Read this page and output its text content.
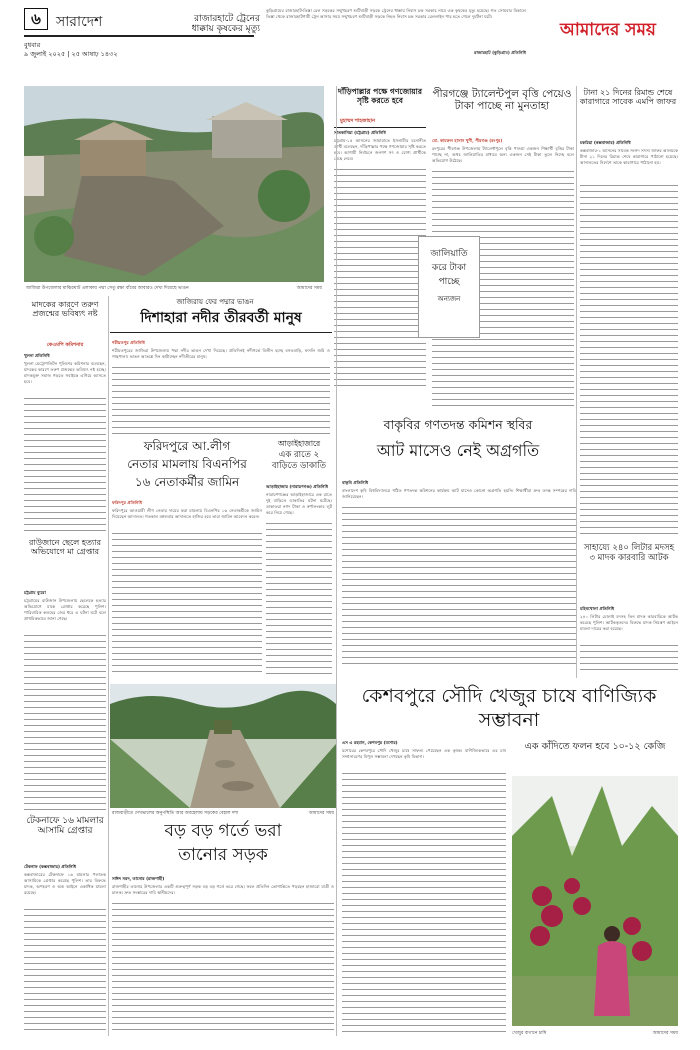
৬	সারাদেশ
বুধবার
৯ জুলাই ২০২৫ | ২৫ আষাঢ় ১৪৩২
রাজারহাটে ট্রেনের ধাক্কায় কৃষকের মৃত্যু
কুড়িগ্রামের রাজারহাট-তিস্তা রেল সড়কের সম্মুখচরণ শুটিবাড়ী সড়কে ট্রেনের ধাক্কায় নিবাস চন্দ্র সরকার নামে এক কৃষকের মৃত্যু হয়েছে। গত সোমবার বিকালে তিস্তা থেকে রাজারহাটগামী ট্রেন আসার সময় সম্মুখচরণ শুটিবাড়ী সড়কে নিহত নিবাস চন্দ্র সরকার রেললাইন পার হতে গেলে দুর্ঘটনা ঘটে।
রাজারহাট (কুড়িগ্রাম) প্রতিনিধি
আমাদের সময়
জাজিরা উপজেলার মাঝিরঘাট এলাকায় পদ্মা সেতু রক্ষা বাঁধের আবারও দেখা দিয়েছে ভাঙন	আমাদের সময়
দাঁড়িপাল্লার পক্ষে গণজোয়ার সৃষ্টি করতে হবে
মুহাম্মদ শাহজাহান
সাতকানিয়া (চট্টগ্রাম) প্রতিনিধি
চট্টগ্রাম-১৫ আসনের জামায়াতে ইসলামীর মনোনীত প্রার্থী বলেছেন, দাঁড়িপাল্লার পক্ষে গণজোয়ার সৃষ্টি করতে হবে। আগামী নির্বাচনে জনগণ সৎ ও যোগ্য প্রার্থীকে বেছে নেবে।
পীরগঞ্জে ট্যালেন্টপুল বৃত্তি পেয়েও টাকা পাচ্ছে না মুনতাহা
মো. কামরুল হাসান খুশী, পীরগঞ্জ (রংপুর)
রংপুরের পীরগঞ্জ উপজেলায় ট্যালেন্টপুলে বৃত্তি পাওয়া একজন শিক্ষার্থী বৃত্তির টাকা পাচ্ছে না, অথচ জালিয়াতির মাধ্যমে অন্য একজন সেই টাকা তুলে নিচ্ছে বলে অভিযোগ উঠেছে।
জালিয়াতি করে টাকা পাচ্ছে
অন্যজন
টানা ২১ দিনের রিমান্ড শেষে কারাগারে সাবেক এমপি জাফর
চকরিয়া (কক্সবাজার) প্রতিনিধি
কক্সবাজার-১ আসনের সাবেক সংসদ সদস্য জাফর আলমকে টানা ২১ দিনের রিমান্ড শেষে কারাগারে পাঠানো হয়েছে। আদালতের নির্দেশে তাকে কারাগারে পাঠানো হয়।
মাদকের কারণে তরুণ প্রজন্মের ভবিষ্যৎ নষ্ট
কেএমপি কমিশনার
খুলনা প্রতিনিধি
খুলনা মেট্রোপলিটন পুলিশের কমিশনার বলেছেন, মাদকের কারণে তরুণ প্রজন্মের ভবিষ্যৎ নষ্ট হচ্ছে। মাদকমুক্ত সমাজ গড়তে সবাইকে এগিয়ে আসতে হবে।
জাজিরায় ফের পদ্মার ভাঙন
দিশাহারা নদীর তীরবর্তী মানুষ
শরীয়তপুর প্রতিনিধি
শরীয়তপুরের জাজিরা উপজেলায় পদ্মা নদীর ভাঙন দেখা দিয়েছে। প্রতিদিনই নদীগর্ভে বিলীন হচ্ছে বসতবাড়ি, ফসলি জমি ও গাছপালা। ভাঙন আতঙ্কে দিন কাটাচ্ছেন নদীতীরের মানুষ।
রাউজানে ছেলে হত্যার অভিযোগে মা গ্রেপ্তার
চট্টগ্রাম ব্যুরো
চট্টগ্রামের রাউজান উপজেলায় ছেলেকে হত্যার অভিযোগে মাকে গ্রেপ্তার করেছে পুলিশ। পারিবারিক কলহের জের ধরে এ ঘটনা ঘটে বলে প্রাথমিকভাবে জানা গেছে।
ফরিদপুরে আ.লীগ
নেতার মামলায় বিএনপির
১৬ নেতাকর্মীর জামিন
ফরিদপুর প্রতিনিধি
ফরিদপুরে আওয়ামী লীগ নেতার দায়ের করা মামলায় বিএনপির ১৬ নেতাকর্মীকে জামিন দিয়েছেন আদালত। গতকাল মঙ্গলবার আদালতে হাজির হয়ে তারা জামিন আবেদন করেন।
আড়াইহাজারে
এক রাতে ২
বাড়িতে ডাকাতি
আড়াইহাজার (নারায়ণগঞ্জ) প্রতিনিধি
নারায়ণগঞ্জের আড়াইহাজারে এক রাতে দুই বাড়িতে ডাকাতির ঘটনা ঘটেছে। ডাকাতরা নগদ টাকা ও স্বর্ণালংকার লুট করে নিয়ে গেছে।
বাকৃবির গণতদন্ত কমিশন স্থবির
আট মাসেও নেই অগ্রগতি
বাকৃবি প্রতিনিধি
বাংলাদেশ কৃষি বিশ্ববিদ্যালয়ে গঠিত গণতদন্ত কমিশনের কার্যক্রম আট মাসেও কোনো অগ্রগতি হয়নি। শিক্ষার্থীরা দ্রুত তদন্ত সম্পন্নের দাবি জানিয়েছেন।
সাহায্যে ২৪০ লিটার মদসহ ৩ মাদক কারবারি আটক
মহিষখোলা প্রতিনিধি
২৪০ লিটার চোলাই মদসহ তিন মাদক কারবারিকে আটক করেছে পুলিশ। আটককৃতদের বিরুদ্ধে মাদক নিয়ন্ত্রণ আইনে মামলা দায়ের করা হয়েছে।
টেকনাফে ১৬ মামলার আসামি গ্রেপ্তার
টেকনাফ (কক্সবাজার) প্রতিনিধি
কক্সবাজারের টেকনাফে ১৬ মামলার পলাতক আসামিকে গ্রেপ্তার করেছে পুলিশ। তার বিরুদ্ধে মাদক, অপহরণ ও অস্ত্র আইনে একাধিক মামলা রয়েছে।
রাজবাড়ীতে দেখভালের অনুপস্থিতি আর অবহেলায় সড়কের বেহাল দশা	আমাদের সময়
বড় বড় গর্তে ভরা
তানোর সড়ক
সাঈদ সরদ, তানোর (রাজশাহী)
রাজশাহীর তানোর উপজেলার একটি গুরুত্বপূর্ণ সড়ক বড় বড় গর্তে ভরে গেছে। ফলে প্রতিদিন ভোগান্তিতে পড়ছেন হাজারো যাত্রী ও চালক। দ্রুত সংস্কারের দাবি স্থানীয়দের।
কেশবপুরে সৌদি খেজুর চাষে বাণিজ্যিক সম্ভাবনা
এস এ রহমান, কেশবপুর (যশোর)
যশোরের কেশবপুরে সৌদি খেজুর চাষে সাফল্য পেয়েছেন এক কৃষক। বাণিজ্যিকভাবে এর চাষ সম্প্রসারণের বিপুল সম্ভাবনা দেখছেন কৃষি বিভাগ।
এক কাঁদিতে ফলন হবে ১০-১২ কেজি
খেজুর বাগানে চাষি	আমাদের সময়
